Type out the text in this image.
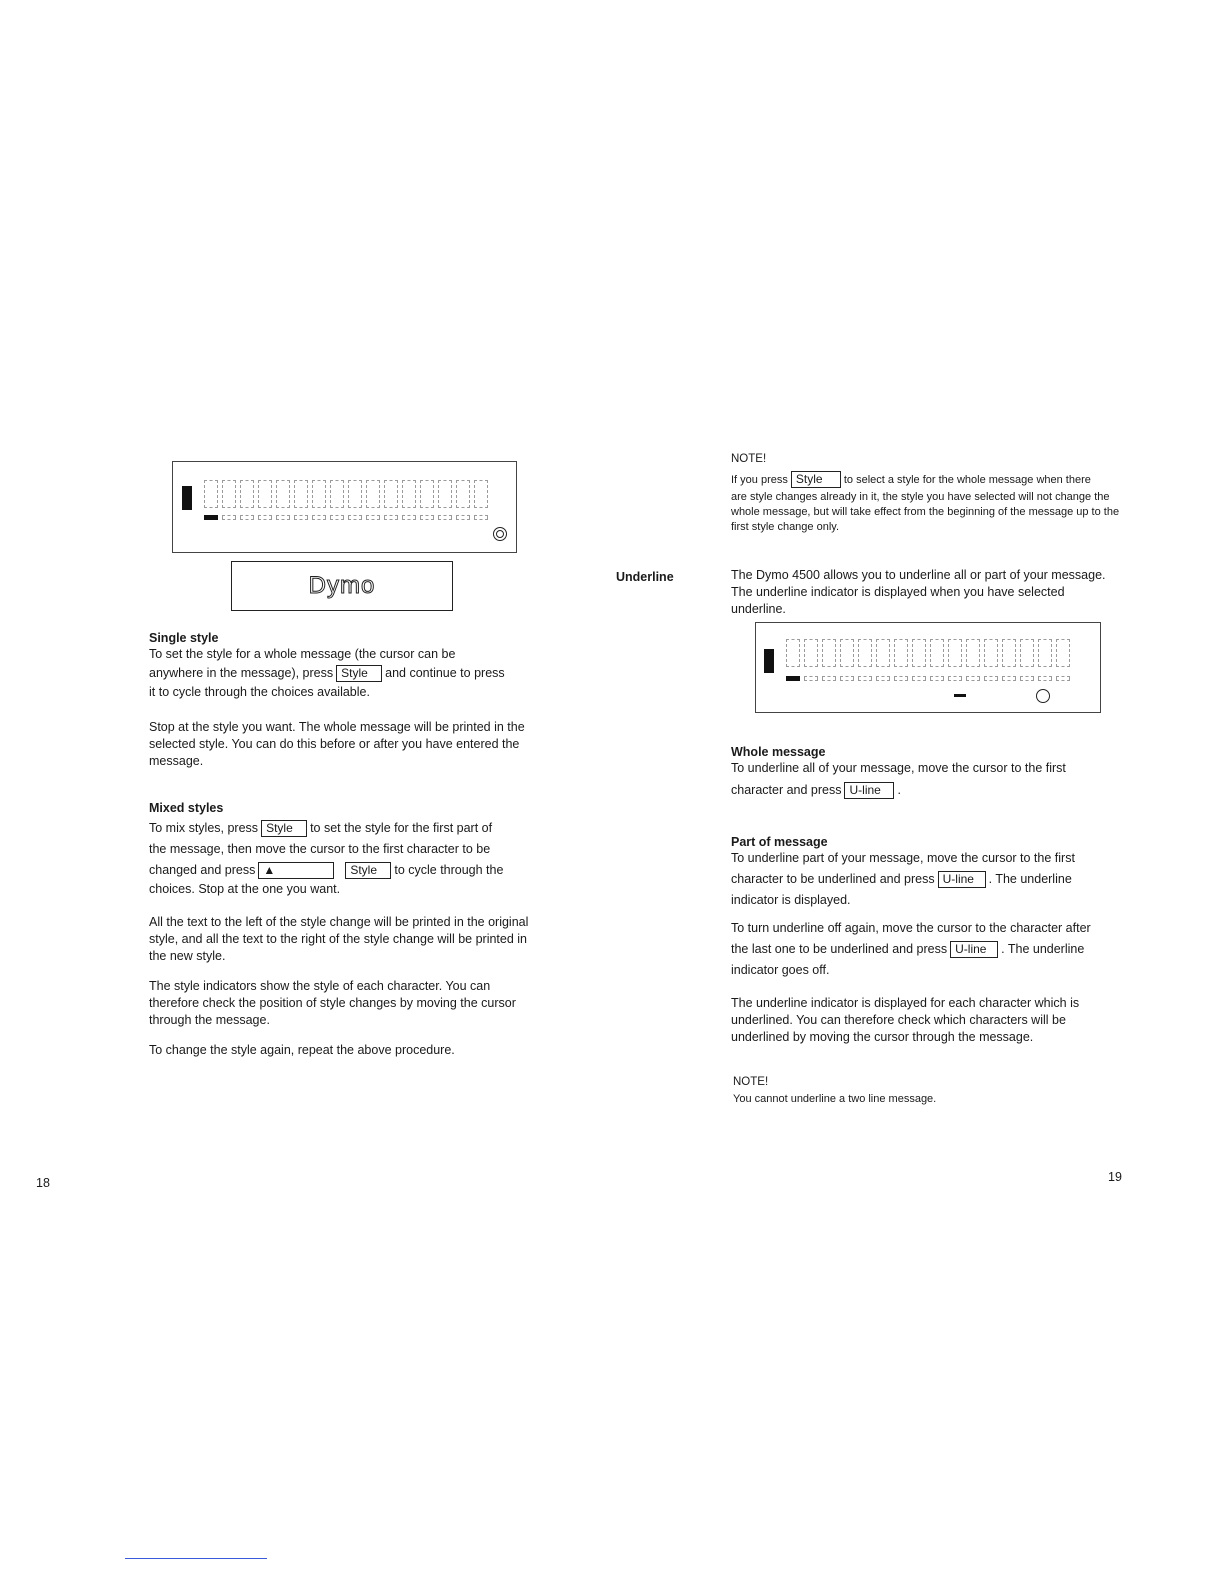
Dymo

Single style

To set the style for a whole message (the cursor can be

anywhere in the message), press Style and continue to press

it to cycle through the choices available.

Stop at the style you want. The whole message will be printed in the selected style. You can do this before or after you have entered the message.

Mixed styles

To mix styles, press Style to set the style for the first part of

the message, then move the cursor to the first character to be

changed and press ▲	Style to cycle through the

choices. Stop at the one you want.

All the text to the left of the style change will be printed in the original style, and all the text to the right of the style change will be printed in the new style.

The style indicators show the style of each character. You can therefore check the position of style changes by moving the cursor through the message.

To change the style again, repeat the above procedure.

18

NOTE!

If you press Style to select a style for the whole message when there

are style changes already in it, the style you have selected will not change the whole message, but will take effect from the beginning of the message up to the first style change only.

Underline	The Dymo 4500 allows you to underline all or part of your message. The underline indicator is displayed when you have selected underline.

Whole message

To underline all of your message, move the cursor to the first

character and press U-line .

Part of message

To underline part of your message, move the cursor to the first

character to be underlined and press U-line . The underline

indicator is displayed.

To turn underline off again, move the cursor to the character after

the last one to be underlined and press U-line . The underline

indicator goes off.

The underline indicator is displayed for each character which is underlined. You can therefore check which characters will be underlined by moving the cursor through the message.

NOTE!

You cannot underline a two line message.

19
